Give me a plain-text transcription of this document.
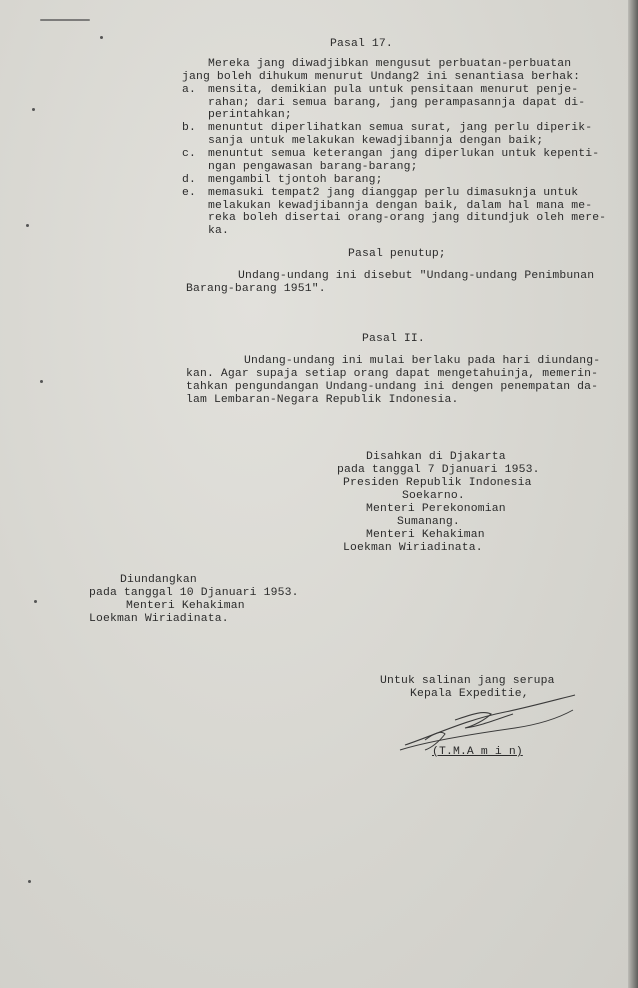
Pasal 17.
Mereka jang diwadjibkan mengusut perbuatan-perbuatan
jang boleh dihukum menurut Undang2 ini senantiasa berhak:
a. mensita, demikian pula untuk pensitaan menurut penje-
rahan; dari semua barang, jang perampasannja dapat di-
perintahkan;
b. menuntut diperlihatkan semua surat, jang perlu diperik-
sanja untuk melakukan kewadjibannja dengan baik;
c. menuntut semua keterangan jang diperlukan untuk kepenti-
ngan pengawasan barang-barang;
d. mengambil tjontoh barang;
e. memasuki tempat2 jang dianggap perlu dimasuknja untuk
melakukan kewadjibannja dengan baik, dalam hal mana me-
reka boleh disertai orang-orang jang ditundjuk oleh mere-
ka.
Pasal penutup;
Undang-undang ini disebut "Undang-undang Penimbunan
Barang-barang 1951".
Pasal II.
Undang-undang ini mulai berlaku pada hari diundang-
kan. Agar supaja setiap orang dapat mengetahuinja, memerin-
tahkan pengundangan Undang-undang ini dengen penempatan da-
lam Lembaran-Negara Republik Indonesia.
Disahkan di Djakarta
pada tanggal 7 Djanuari 1953.
Presiden Republik Indonesia
Soekarno.
Menteri Perekonomian
Sumanang.
Menteri Kehakiman
Loekman Wiriadinata.
Diundangkan
pada tanggal 10 Djanuari 1953.
Menteri Kehakiman
Loekman Wiriadinata.
Untuk salinan jang serupa
Kepala Expeditie,
(T.M.A m i n)
